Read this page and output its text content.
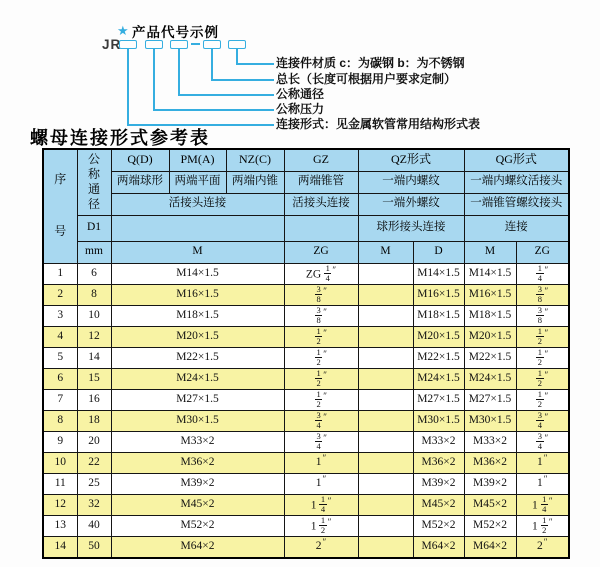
★ 产品代号示例
JR
连接件材质 c：为碳钢 b：为不锈钢
总长（长度可根据用户要求定制）
公称通径
公称压力
连接形式：见金属软管常用结构形式表
螺母连接形式参考表
序
号	公
称
通
径	Q(D)	PM(A)	NZ(C)	GZ	QZ形式		QG形式	
		两端球形	两端平面	两端内锥	两端锥管	一端内螺纹		一端内螺纹活接头	
		活接头连接			活接头连接	一端外螺纹		一端锥管螺纹接头	
	D1					球形接头连接		连接	
	mm	M			ZG	M	D	M	ZG
1	6	M14×1.5			ZG $\frac{1}{4} ''$		M14×1.5	M14×1.5	$\frac{1}{4} ''$
2	8	M16×1.5			$\frac{3}{8} ''$		M16×1.5	M16×1.5	$\frac{3}{8} ''$
3	10	M18×1.5			$\frac{3}{8} ''$		M18×1.5	M18×1.5	$\frac{3}{8} ''$
4	12	M20×1.5			$\frac{1}{2} ''$		M20×1.5	M20×1.5	$\frac{1}{2} ''$
5	14	M22×1.5			$\frac{1}{2} ''$		M22×1.5	M22×1.5	$\frac{1}{2} ''$
6	15	M24×1.5			$\frac{1}{2} ''$		M24×1.5	M24×1.5	$\frac{1}{2} ''$
7	16	M27×1.5			$\frac{1}{2} ''$		M27×1.5	M27×1.5	$\frac{1}{2} ''$
8	18	M30×1.5			$\frac{3}{4} ''$		M30×1.5	M30×1.5	$\frac{3}{4} ''$
9	20	M33×2			$\frac{3}{4} ''$		M33×2	M33×2	$\frac{3}{4} ''$
10	22	M36×2			1″		M36×2	M36×2	1″
11	25	M39×2			1″		M39×2	M39×2	1″
12	32	M45×2			$1 \frac{1}{4} ''$		M45×2	M45×2	$1 \frac{1}{4} ''$
13	40	M52×2			$1 \frac{1}{2} ''$		M52×2	M52×2	$1 \frac{1}{2} ''$
14	50	M64×2			2″		M64×2	M64×2	2″
